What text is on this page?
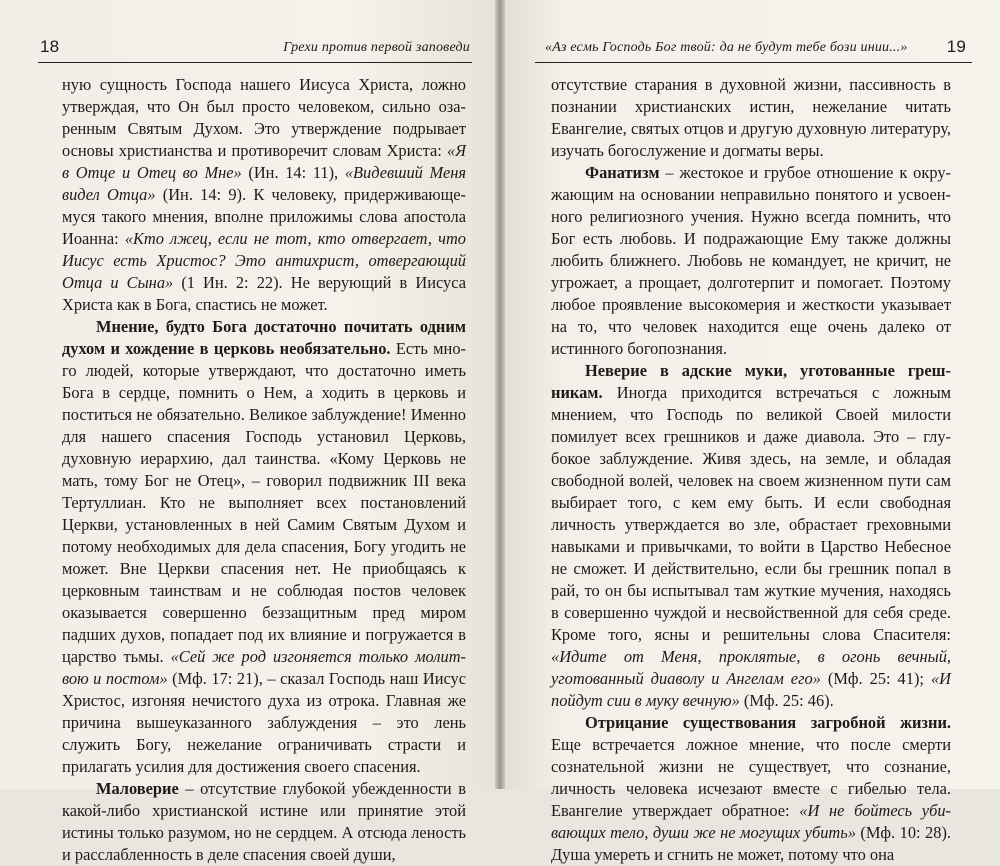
18	Грехи против первой заповеди

ную сущность Господа нашего Иисуса Христа, ложно утверждая, что Он был просто человеком, сильно озаренным Святым Духом. Это утверждение подрывает основы христианства и противоречит словам Христа: «Я в Отце и Отец во Мне» (Ин. 14: 11), «Видевший Меня видел Отца» (Ин. 14: 9). К человеку, придерживающемуся такого мнения, вполне приложимы слова апостола Иоанна: «Кто лжец, если не тот, кто отвергает, что Иисус есть Христос? Это антихрист, отвергающий Отца и Сына» (1 Ин. 2: 22). Не верующий в Иисуса Христа как в Бога, спастись не может.

Мнение, будто Бога достаточно почитать одним духом и хождение в церковь необязательно. Есть много людей, которые утверждают, что достаточно иметь Бога в сердце, помнить о Нем, а ходить в церковь и поститься не обязательно. Великое заблуждение! Именно для нашего спасения Господь установил Церковь, духовную иерархию, дал таинства. «Кому Церковь не мать, тому Бог не Отец», – говорил подвижник III века Тертуллиан. Кто не выполняет всех постановлений Церкви, установленных в ней Самим Святым Духом и потому необходимых для дела спасения, Богу угодить не может. Вне Церкви спасения нет. Не приобщаясь к церковным таинствам и не соблюдая постов человек оказывается совершенно беззащитным пред миром падших духов, попадает под их влияние и погружается в царство тьмы. «Сей же род изгоняется только молитвою и постом» (Мф. 17: 21), – сказал Господь наш Иисус Христос, изгоняя нечистого духа из отрока. Главная же причина вышеуказанного заблуждения – это лень служить Богу, нежелание ограничивать страсти и прилагать усилия для достижения своего спасения.

Маловерие – отсутствие глубокой убежденности в какой-либо христианской истине или принятие этой истины только разумом, но не сердцем. А отсюда леность и расслабленность в деле спасения своей души,

«Аз есмь Господь Бог твой: да не будут тебе бози инии...» 19

отсутствие старания в духовной жизни, пассивность в познании христианских истин, нежелание читать Евангелие, святых отцов и другую духовную литературу, изучать богослужение и догматы веры.

Фанатизм – жестокое и грубое отношение к окружающим на основании неправильно понятого и усвоенного религиозного учения. Нужно всегда помнить, что Бог есть любовь. И подражающие Ему также должны любить ближнего. Любовь не командует, не кричит, не угрожает, а прощает, долготерпит и помогает. Поэтому любое проявление высокомерия и жесткости указывает на то, что человек находится еще очень далеко от истинного богопознания.

Неверие в адские муки, уготованные грешникам. Иногда приходится встречаться с ложным мнением, что Господь по великой Своей милости помилует всех грешников и даже диавола. Это – глубокое заблуждение. Живя здесь, на земле, и обладая свободной волей, человек на своем жизненном пути сам выбирает того, с кем ему быть. И если свободная личность утверждается во зле, обрастает греховными навыками и привычками, то войти в Царство Небесное не сможет. И действительно, если бы грешник попал в рай, то он бы испытывал там жуткие мучения, находясь в совершенно чуждой и несвойственной для себя среде. Кроме того, ясны и решительны слова Спасителя: «Идите от Меня, проклятые, в огонь вечный, уготованный диаволу и Ангелам его» (Мф. 25: 41); «И пойдут сии в муку вечную» (Мф. 25: 46).

Отрицание существования загробной жизни. Еще встречается ложное мнение, что после смерти сознательной жизни не существует, что сознание, личность человека исчезают вместе с гибелью тела. Евангелие утверждает обратное: «И не бойтесь убивающих тело, души же не могущих убить» (Мф. 10: 28). Душа умереть и сгнить не может, потому что она
